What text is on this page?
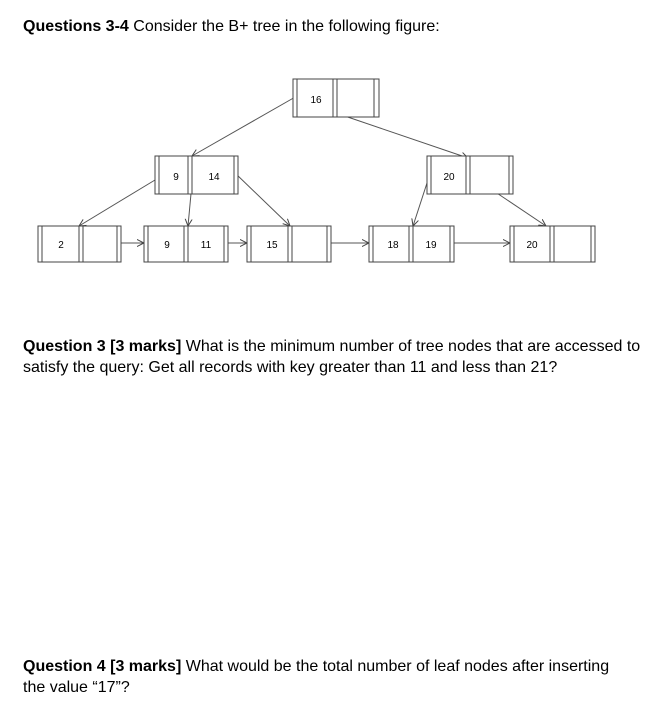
Questions 3-4 Consider the B+ tree in the following figure:

16
9	14	20
2	9	11	15	18	19	20

Question 3 [3 marks] What is the minimum number of tree nodes that are accessed to satisfy the query: Get all records with key greater than 11 and less than 21?

Question 4 [3 marks] What would be the total number of leaf nodes after inserting the value “17”?
